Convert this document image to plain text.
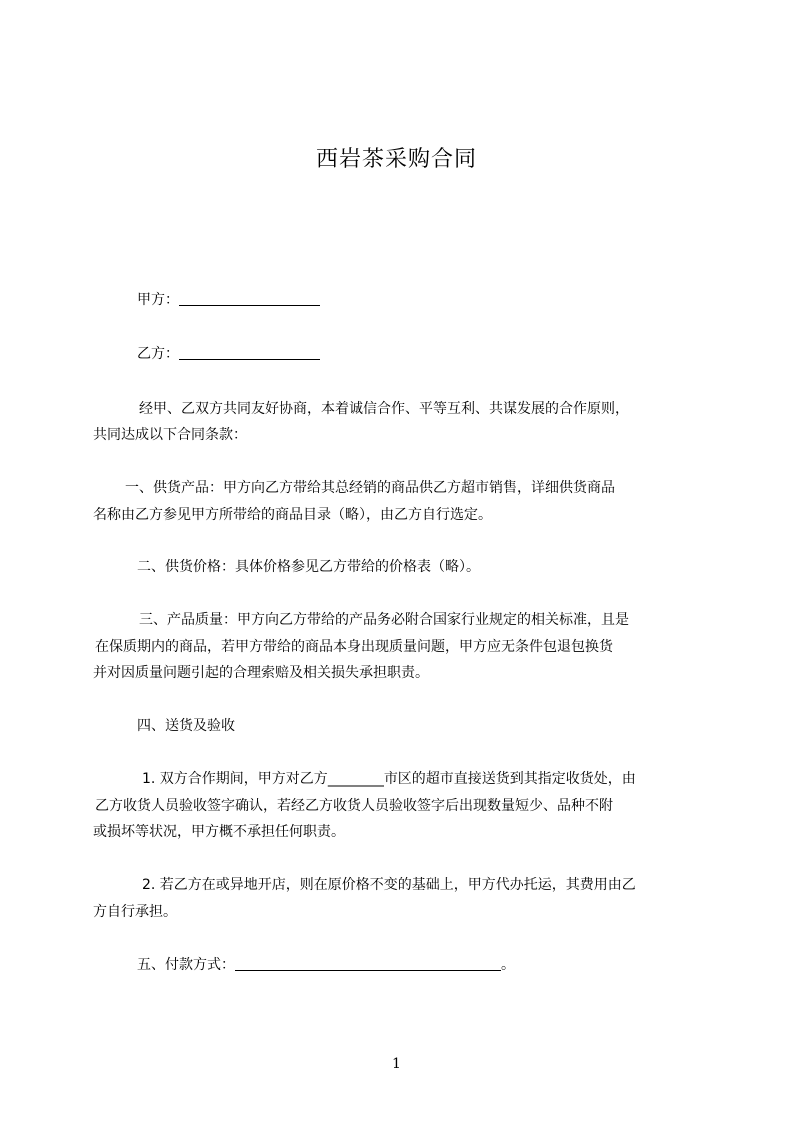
西岩茶采购合同
甲方：
乙方：
经甲、乙双方共同友好协商，本着诚信合作、平等互利、共谋发展的合作原则，
共同达成以下合同条款：
一、供货产品：甲方向乙方带给其总经销的商品供乙方超市销售，详细供货商品
名称由乙方参见甲方所带给的商品目录（略），由乙方自行选定。
二、供货价格：具体价格参见乙方带给的价格表（略）。
三、产品质量：甲方向乙方带给的产品务必附合国家行业规定的相关标准，且是
在保质期内的商品，若甲方带给的商品本身出现质量问题，甲方应无条件包退包换货
并对因质量问题引起的合理索赔及相关损失承担职责。
四、送货及验收
1. 双方合作期间，甲方对乙方________市区的超市直接送货到其指定收货处，由
乙方收货人员验收签字确认，若经乙方收货人员验收签字后出现数量短少、品种不附
或损坏等状况，甲方概不承担任何职责。
2. 若乙方在或异地开店，则在原价格不变的基础上，甲方代办托运，其费用由乙
方自行承担。
五、付款方式：	。
1
